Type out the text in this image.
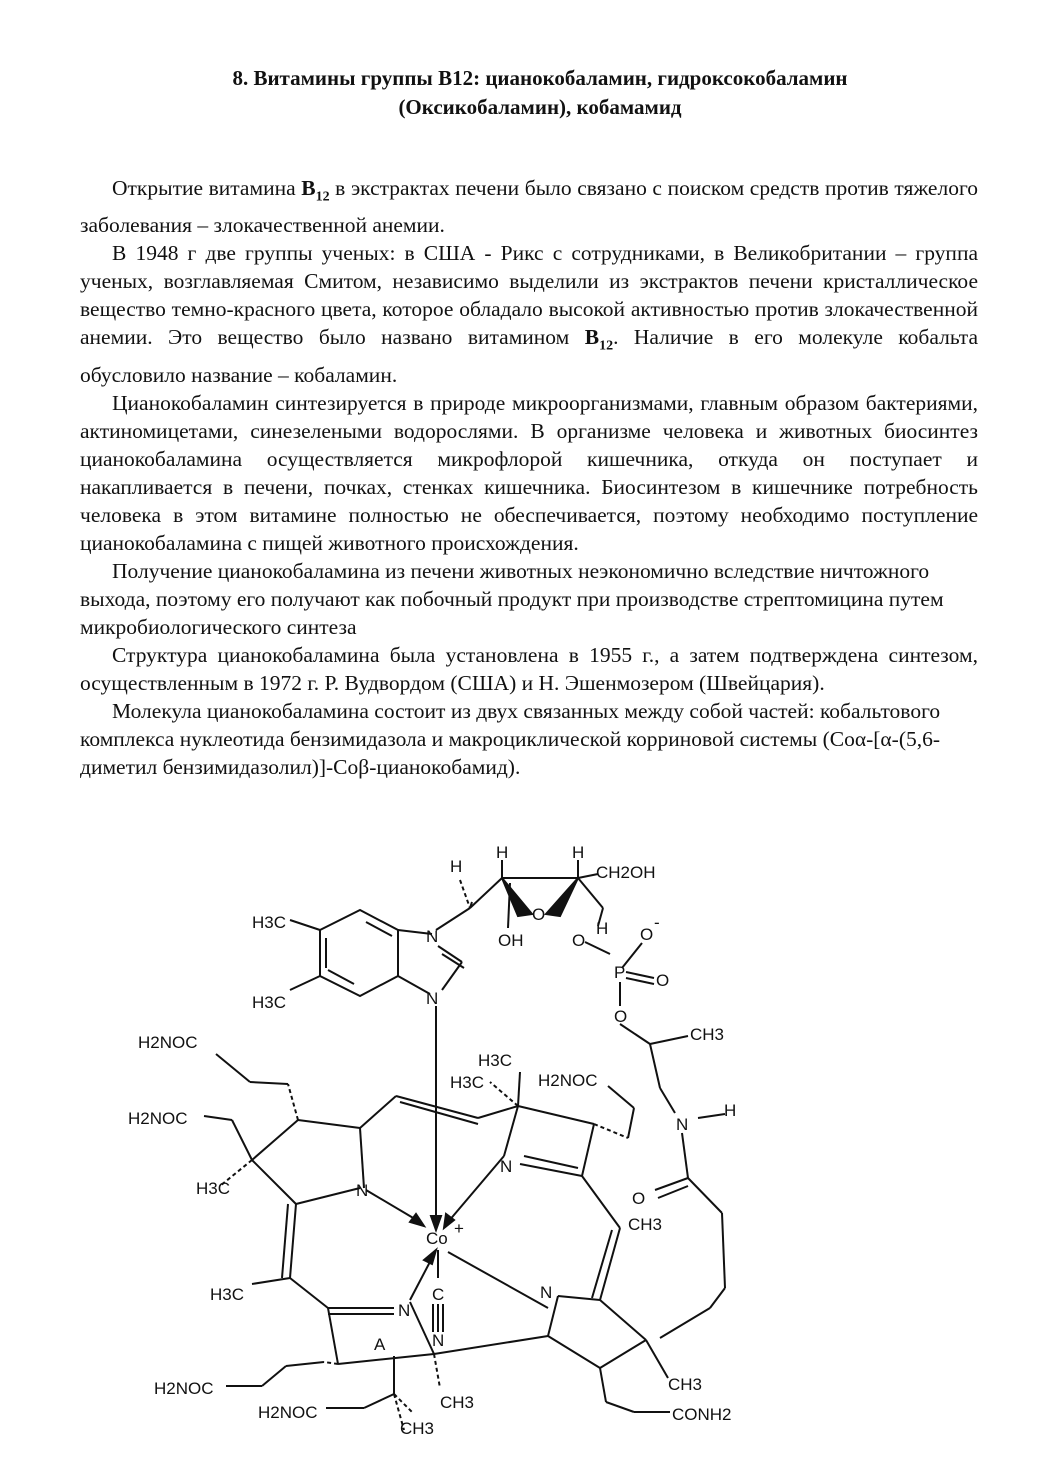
8. Витамины группы B12: цианокобаламин, гидроксокобаламин
(Оксикобаламин), кобамамид

Открытие витамина $B_{12}$ в экстрактах печени было связано с поиском средств против тяжелого заболевания – злокачественной анемии.

В 1948 г две группы ученых: в США - Рикс с сотрудниками, в Великобритании – группа ученых, возглавляемая Смитом, независимо выделили из экстрактов печени кристаллическое вещество темно-красного цвета, которое обладало высокой активностью против злокачественной анемии. Это вещество было названо витамином $B_{12}$. Наличие в его молекуле кобальта обусловило название – кобаламин.

Цианокобаламин синтезируется в природе микроорганизмами, главным образом бактериями, актиномицетами, синезелеными водорослями. В организме человека и животных биосинтез цианокобаламина осуществляется микрофлорой кишечника, откуда он поступает и накапливается в печени, почках, стенках кишечника. Биосинтезом в кишечнике потребность человека в этом витамине полностью не обеспечивается, поэтому необходимо поступление цианокобаламина с пищей животного происхождения.

Получение цианокобаламина из печени животных неэкономично вследствие ничтожного выхода, поэтому его получают как побочный продукт при производстве стрептомицина путем микробиологического синтеза

Структура цианокобаламина была установлена в 1955 г., а затем подтверждена синтезом, осуществленным в 1972 г. Р. Вудвордом (США) и Н. Эшенмозером (Швейцария).

Молекула цианокобаламина состоит из двух связанных между собой частей: кобальтового комплекса нуклеотида бензимидазола и макроциклической корриновой системы (Coα-[α-(5,6-диметил бензимидазолил)]-Coβ-цианокобамид).

H
H	H
CH2OH
O
H
OH	O	O
-
P O
O
CH3
N
H
O
N
N
H3C
H3C
H2NOC
H2NOC
H3C
H3C
H3C	H2NOC
N
N
Co
+	CH3
N
H3C
N
C
N
A
CH3
H2NOC
H2NOC
CH3
CH3
CONH2
